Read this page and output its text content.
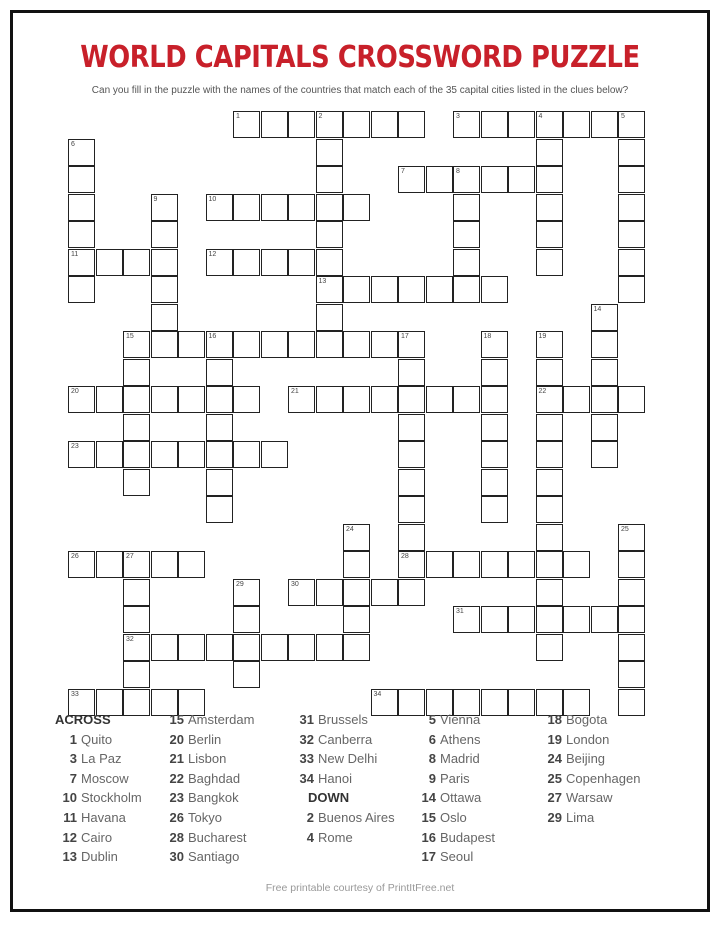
WORLD CAPITALS CROSSWORD PUZZLE
Can you fill in the puzzle with the names of the countries that match each of the 35 capital cities listed in the clues below?
1	2	3	4	5
7	8
10
11	12
13
15	16
20	21	22
23
26	27	28
30
31
32
33	34
6
9
14
17	18	19
24	25
29
ACROSS
1 Quito
3 La Paz
7 Moscow
10 Stockholm
11 Havana
12 Cairo
13 Dublin
15 Amsterdam
20 Berlin
21 Lisbon
22 Baghdad
23 Bangkok
26 Tokyo
28 Bucharest
30 Santiago
31 Brussels
32 Canberra
33 New Delhi
34 Hanoi
DOWN
2 Buenos Aires
4 Rome
5 Vienna
6 Athens
8 Madrid
9 Paris
14 Ottawa
15 Oslo
16 Budapest
17 Seoul
18 Bogota
19 London
24 Beijing
25 Copenhagen
27 Warsaw
29 Lima
Free printable courtesy of PrintItFree.net
